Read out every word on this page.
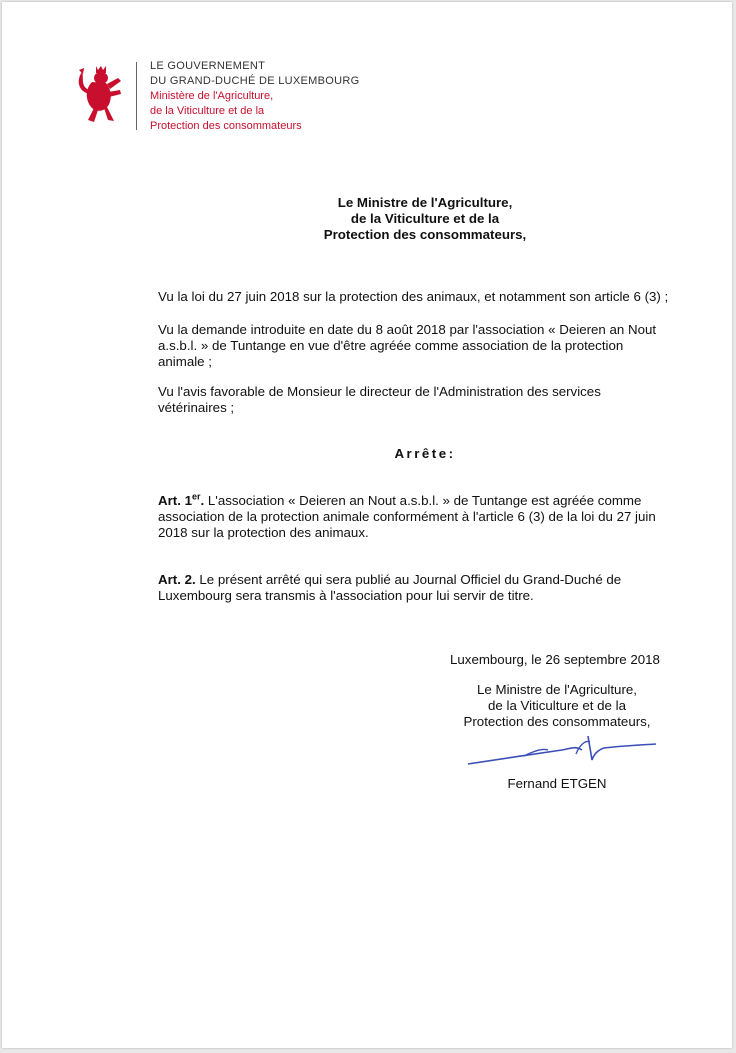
LE GOUVERNEMENT
DU GRAND-DUCHÉ DE LUXEMBOURG
Ministère de l'Agriculture,
de la Viticulture et de la
Protection des consommateurs
Le Ministre de l'Agriculture,
de la Viticulture et de la
Protection des consommateurs,
Vu la loi du 27 juin 2018 sur la protection des animaux, et notamment son article 6 (3) ;
Vu la demande introduite en date du 8 août 2018 par l'association « Deieren an Nout
a.s.b.l. » de Tuntange en vue d'être agréée comme association de la protection
animale ;
Vu l'avis favorable de Monsieur le directeur de l'Administration des services
vétérinaires ;
Arrête:
Art. 1er. L'association « Deieren an Nout a.s.b.l. » de Tuntange est agréée comme
association de la protection animale conformément à l'article 6 (3) de la loi du 27 juin
2018 sur la protection des animaux.
Art. 2. Le présent arrêté qui sera publié au Journal Officiel du Grand-Duché de
Luxembourg sera transmis à l'association pour lui servir de titre.
Luxembourg, le 26 septembre 2018
Le Ministre de l'Agriculture,
de la Viticulture et de la
Protection des consommateurs,
Fernand ETGEN
